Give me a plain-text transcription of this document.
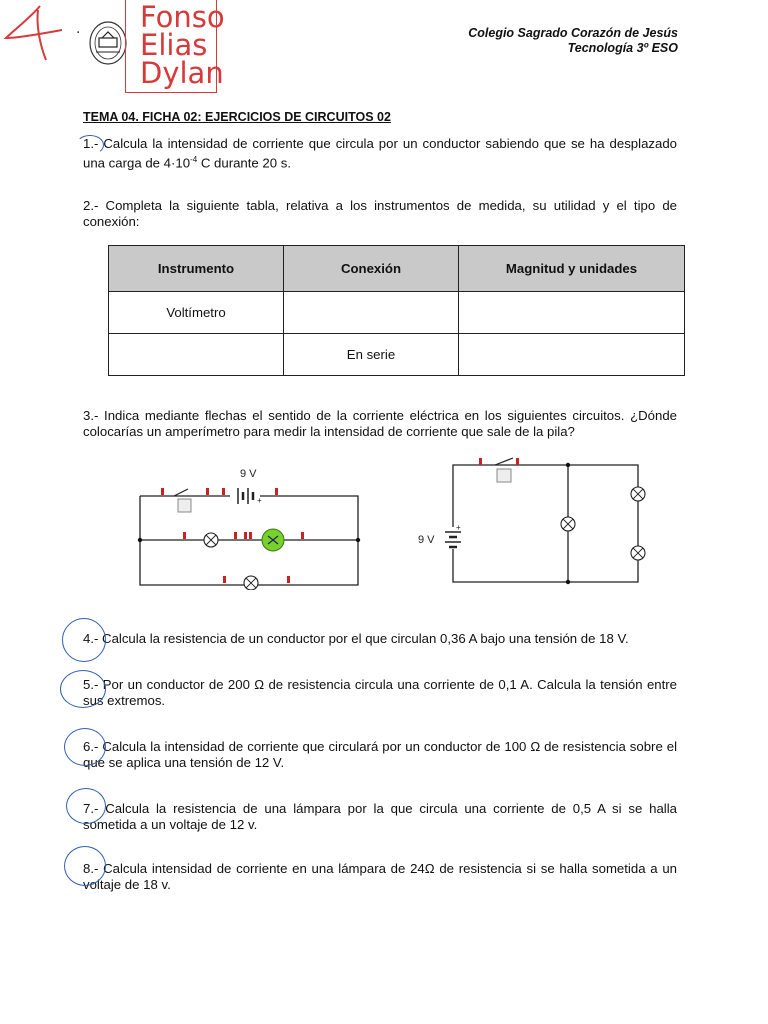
. Fonso
Elias
Dylan
Colegio Sagrado Corazón de Jesús
Tecnología 3º ESO
TEMA 04. FICHA 02: EJERCICIOS DE CIRCUITOS 02
1.- Calcula la intensidad de corriente que circula por un conductor sabiendo que se ha desplazado una carga de $4\cdot 10^{-4}$ C durante 20 s.
2.- Completa la siguiente tabla, relativa a los instrumentos de medida, su utilidad y el tipo de conexión:
Instrumento	Conexión	Magnitud y unidades
Voltímetro		
	En serie	
3.- Indica mediante flechas el sentido de la corriente eléctrica en los siguientes circuitos. ¿Dónde colocarías un amperímetro para medir la intensidad de corriente que sale de la pila?
+
9 V
+
9 V
4.- Calcula la resistencia de un conductor por el que circulan 0,36 A bajo una tensión de 18 V.
5.- Por un conductor de 200 Ω de resistencia circula una corriente de 0,1 A. Calcula la tensión entre sus extremos.
6.- Calcula la intensidad de corriente que circulará por un conductor de 100 Ω de resistencia sobre el que se aplica una tensión de 12 V.
7.- Calcula la resistencia de una lámpara por la que circula una corriente de 0,5 A si se halla sometida a un voltaje de 12 v.
8.- Calcula intensidad de corriente en una lámpara de 24Ω de resistencia si se halla sometida a un voltaje de 18 v.
